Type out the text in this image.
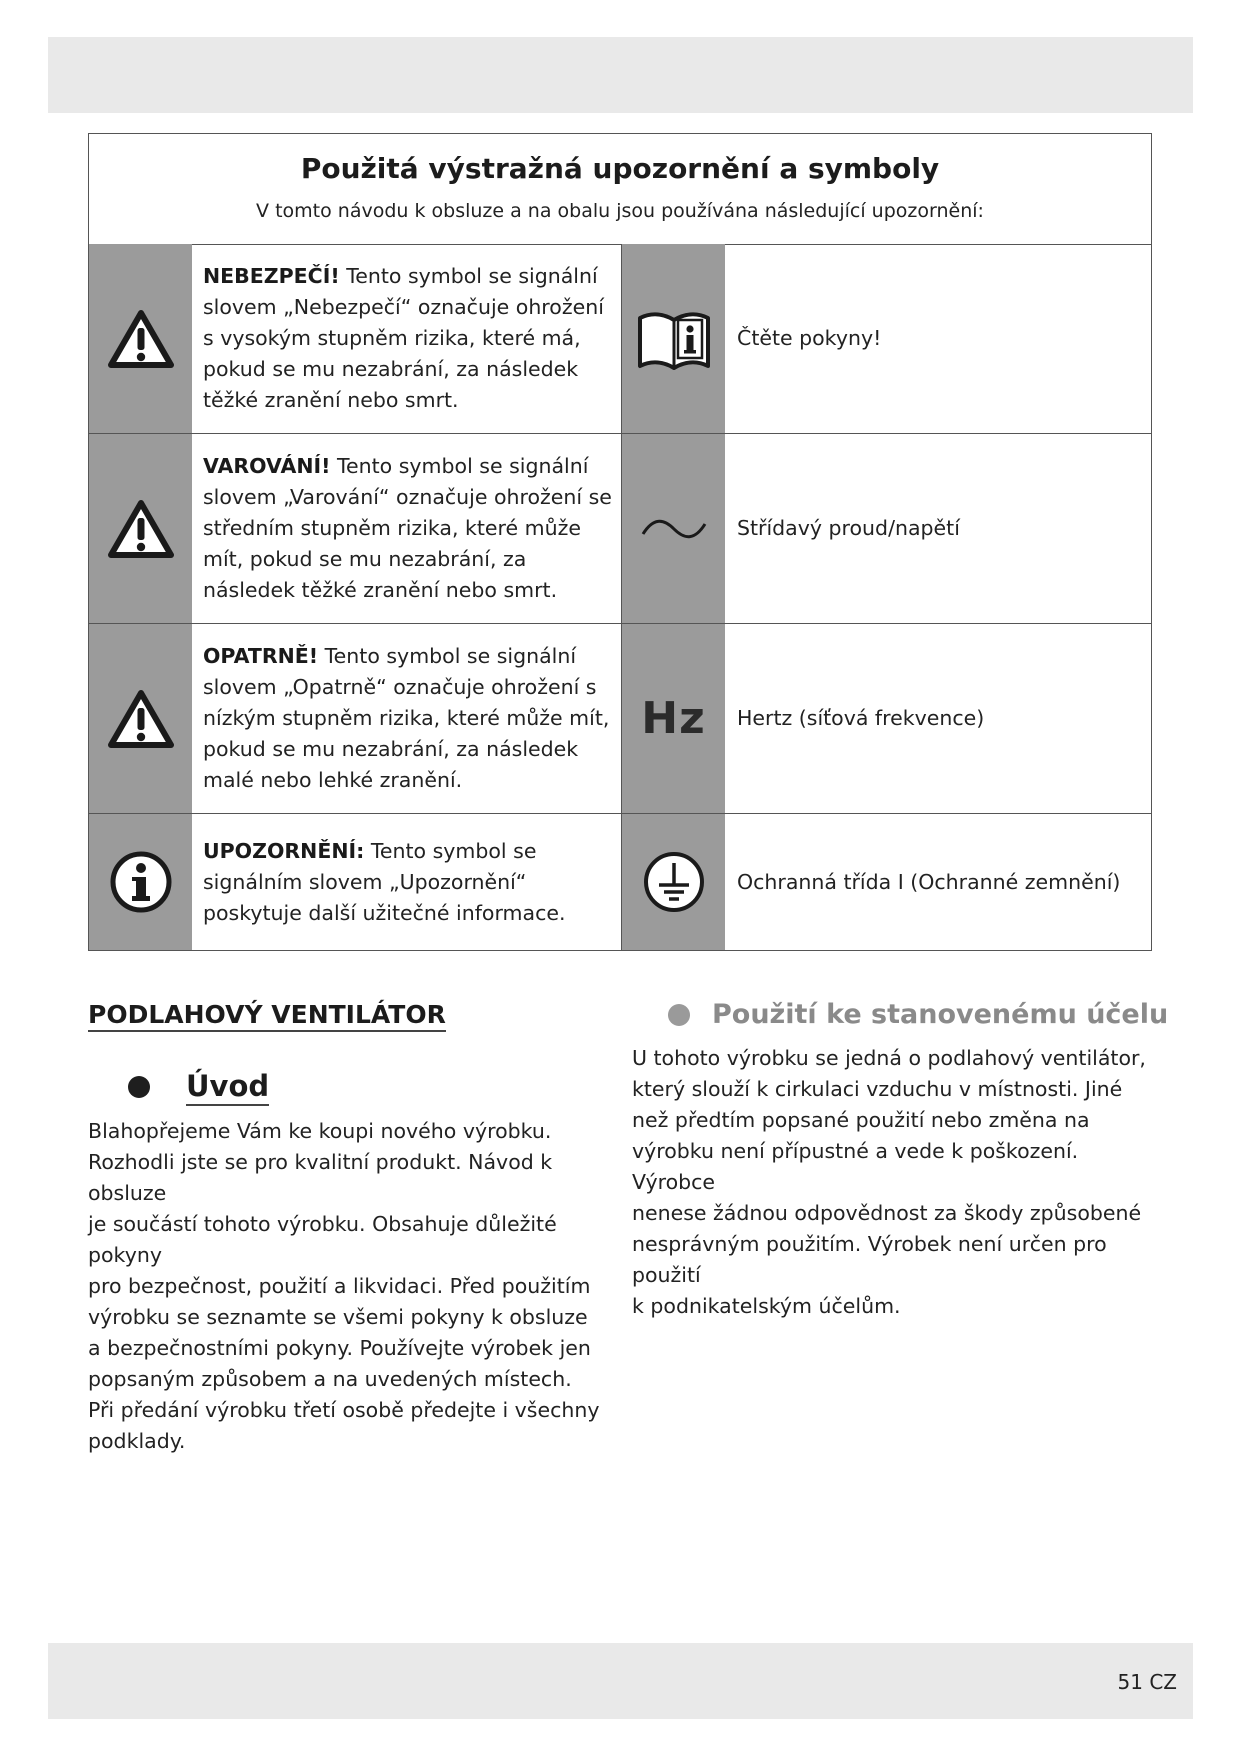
Použitá výstražná upozornění a symboly
V tomto návodu k obsluze a na obalu jsou používána následující upozornění:
NEBEZPEČÍ! Tento symbol se signální slovem „Nebezpečí“ označuje ohrožení s vysokým stupněm rizika, které má, pokud se mu nezabrání, za následek těžké zranění nebo smrt.
Čtěte pokyny!
VAROVÁNÍ! Tento symbol se signální slovem „Varování“ označuje ohrožení se středním stupněm rizika, které může mít, pokud se mu nezabrání, za následek těžké zranění nebo smrt.
Střídavý proud/napětí
OPATRNĚ! Tento symbol se signální slovem „Opatrně“ označuje ohrožení s nízkým stupněm rizika, které může mít, pokud se mu nezabrání, za následek malé nebo lehké zranění.
Hz Hertz (síťová frekvence)
UPOZORNĚNÍ: Tento symbol se signálním slovem „Upozornění“ poskytuje další užitečné informace.
Ochranná třída I (Ochranné zemnění)
PODLAHOVÝ VENTILÁTOR
Úvod
Blahopřejeme Vám ke koupi nového výrobku.
Rozhodli jste se pro kvalitní produkt. Návod k obsluze
je součástí tohoto výrobku. Obsahuje důležité pokyny
pro bezpečnost, použití a likvidaci. Před použitím
výrobku se seznamte se všemi pokyny k obsluze
a bezpečnostními pokyny. Používejte výrobek jen
popsaným způsobem a na uvedených místech.
Při předání výrobku třetí osobě předejte i všechny
podklady.
Použití ke stanovenému účelu
U tohoto výrobku se jedná o podlahový ventilátor,
který slouží k cirkulaci vzduchu v místnosti. Jiné
než předtím popsané použití nebo změna na
výrobku není přípustné a vede k poškození. Výrobce
nenese žádnou odpovědnost za škody způsobené
nesprávným použitím. Výrobek není určen pro použití
k podnikatelským účelům.
51 CZ
